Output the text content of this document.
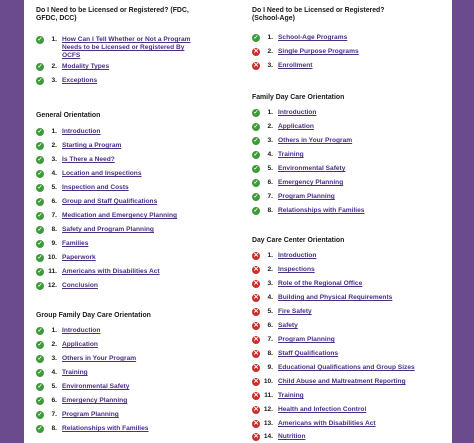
Do I Need to be Licensed or Registered? (FDC, GFDC, DCC)
✓	1. How Can I Tell Whether or Not a Program Needs to be Licensed or Registered By OCFS
✓	2. Modality Types
✓	3. Exceptions
General Orientation
✓	1. Introduction
✓	2. Starting a Program
✓	3. Is There a Need?
✓	4. Location and Inspections
✓	5. Inspection and Costs
✓	6. Group and Staff Qualifications
✓	7. Medication and Emergency Planning
✓	8. Safety and Program Planning
✓	9. Families
✓ 10. Paperwork
✓ 11. Americans with Disabilities Act
✓ 12. Conclusion
Group Family Day Care Orientation
✓	1. Introduction
✓	2. Application
✓	3. Others in Your Program
✓	4. Training
✓	5. Environmental Safety
✓	6. Emergency Planning
✓	7. Program Planning
✓	8. Relationships with Families
Do I Need to be Licensed or Registered? (School-Age)
✓	1. School-Age Programs
✕	2. Single Purpose Programs
✕	3. Enrollment
Family Day Care Orientation
✓	1. Introduction
✓	2. Application
✓	3. Others in Your Program
✓	4. Training
✓	5. Environmental Safety
✓	6. Emergency Planning
✓	7. Program Planning
✓	8. Relationships with Families
Day Care Center Orientation
✕	1. Introduction
✕	2. Inspections
✕	3. Role of the Regional Office
✕	4. Building and Physical Requirements
✕	5. Fire Safety
✕	6. Safety
✕	7. Program Planning
✕	8. Staff Qualifications
✕	9. Educational Qualifications and Group Sizes
✕ 10. Child Abuse and Maltreatment Reporting
✕ 11. Training
✕ 12. Health and Infection Control
✕ 13. Americans with Disabilities Act
✕ 14. Nutrition
